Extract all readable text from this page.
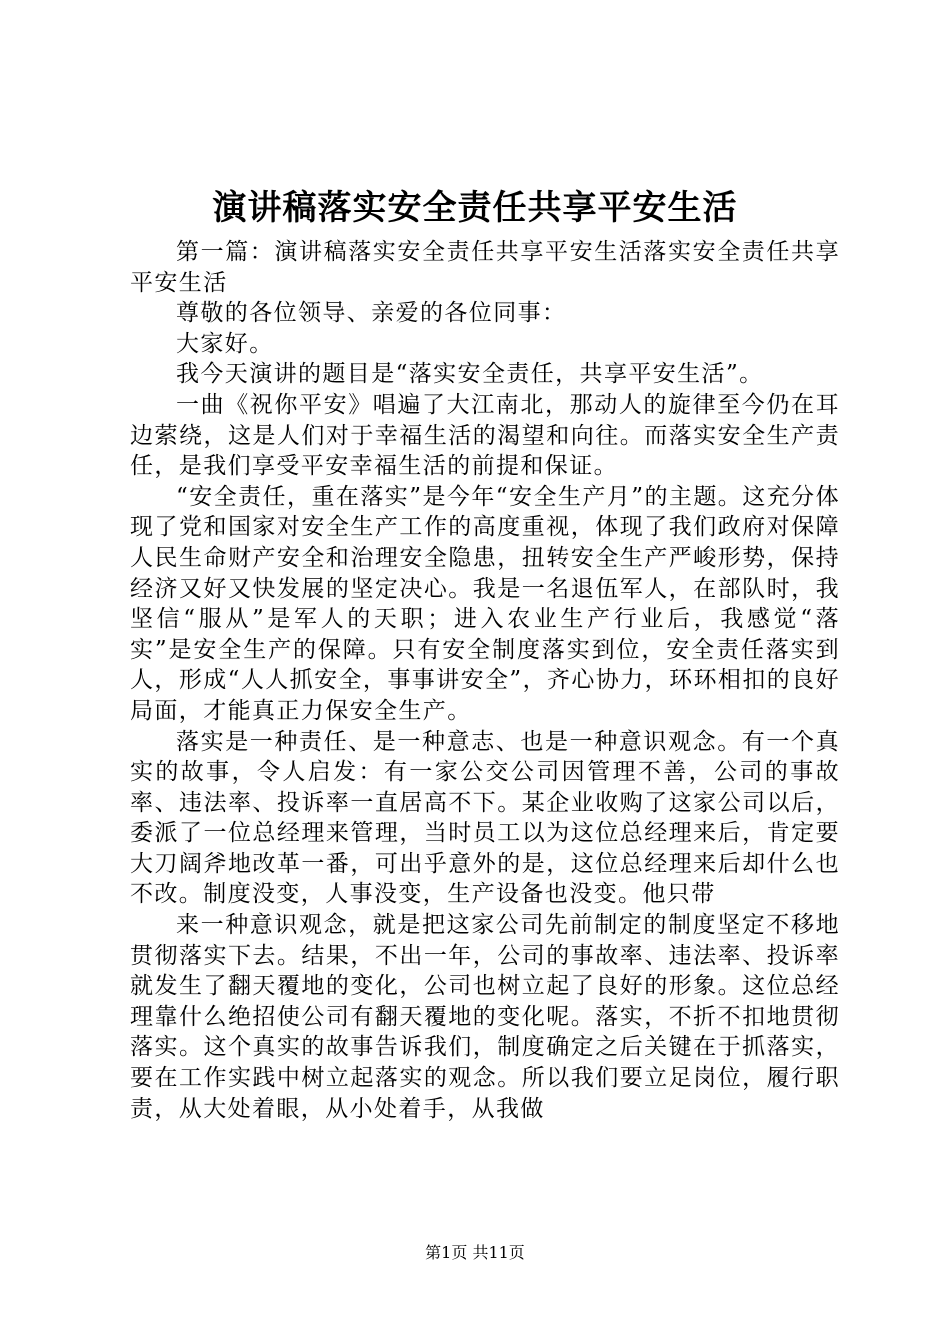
演讲稿落实安全责任共享平安生活

第一篇：演讲稿落实安全责任共享平安生活落实安全责任共享平安生活

尊敬的各位领导、亲爱的各位同事：

大家好。

我今天演讲的题目是“落实安全责任，共享平安生活”。

一曲《祝你平安》唱遍了大江南北，那动人的旋律至今仍在耳边萦绕，这是人们对于幸福生活的渴望和向往。而落实安全生产责任，是我们享受平安幸福生活的前提和保证。

“安全责任，重在落实”是今年“安全生产月”的主题。这充分体现了党和国家对安全生产工作的高度重视，体现了我们政府对保障人民生命财产安全和治理安全隐患，扭转安全生产严峻形势，保持经济又好又快发展的坚定决心。我是一名退伍军人，在部队时，我坚信“服从”是军人的天职；进入农业生产行业后，我感觉“落实”是安全生产的保障。只有安全制度落实到位，安全责任落实到人，形成“人人抓安全，事事讲安全”，齐心协力，环环相扣的良好局面，才能真正力保安全生产。

落实是一种责任、是一种意志、也是一种意识观念。有一个真实的故事，令人启发：有一家公交公司因管理不善，公司的事故率、违法率、投诉率一直居高不下。某企业收购了这家公司以后，委派了一位总经理来管理，当时员工以为这位总经理来后，肯定要大刀阔斧地改革一番，可出乎意外的是，这位总经理来后却什么也不改。制度没变，人事没变，生产设备也没变。他只带

来一种意识观念，就是把这家公司先前制定的制度坚定不移地贯彻落实下去。结果，不出一年，公司的事故率、违法率、投诉率就发生了翻天覆地的变化，公司也树立起了良好的形象。这位总经理靠什么绝招使公司有翻天覆地的变化呢。落实，不折不扣地贯彻落实。这个真实的故事告诉我们，制度确定之后关键在于抓落实，要在工作实践中树立起落实的观念。所以我们要立足岗位，履行职责，从大处着眼，从小处着手，从我做

第1页 共11页
